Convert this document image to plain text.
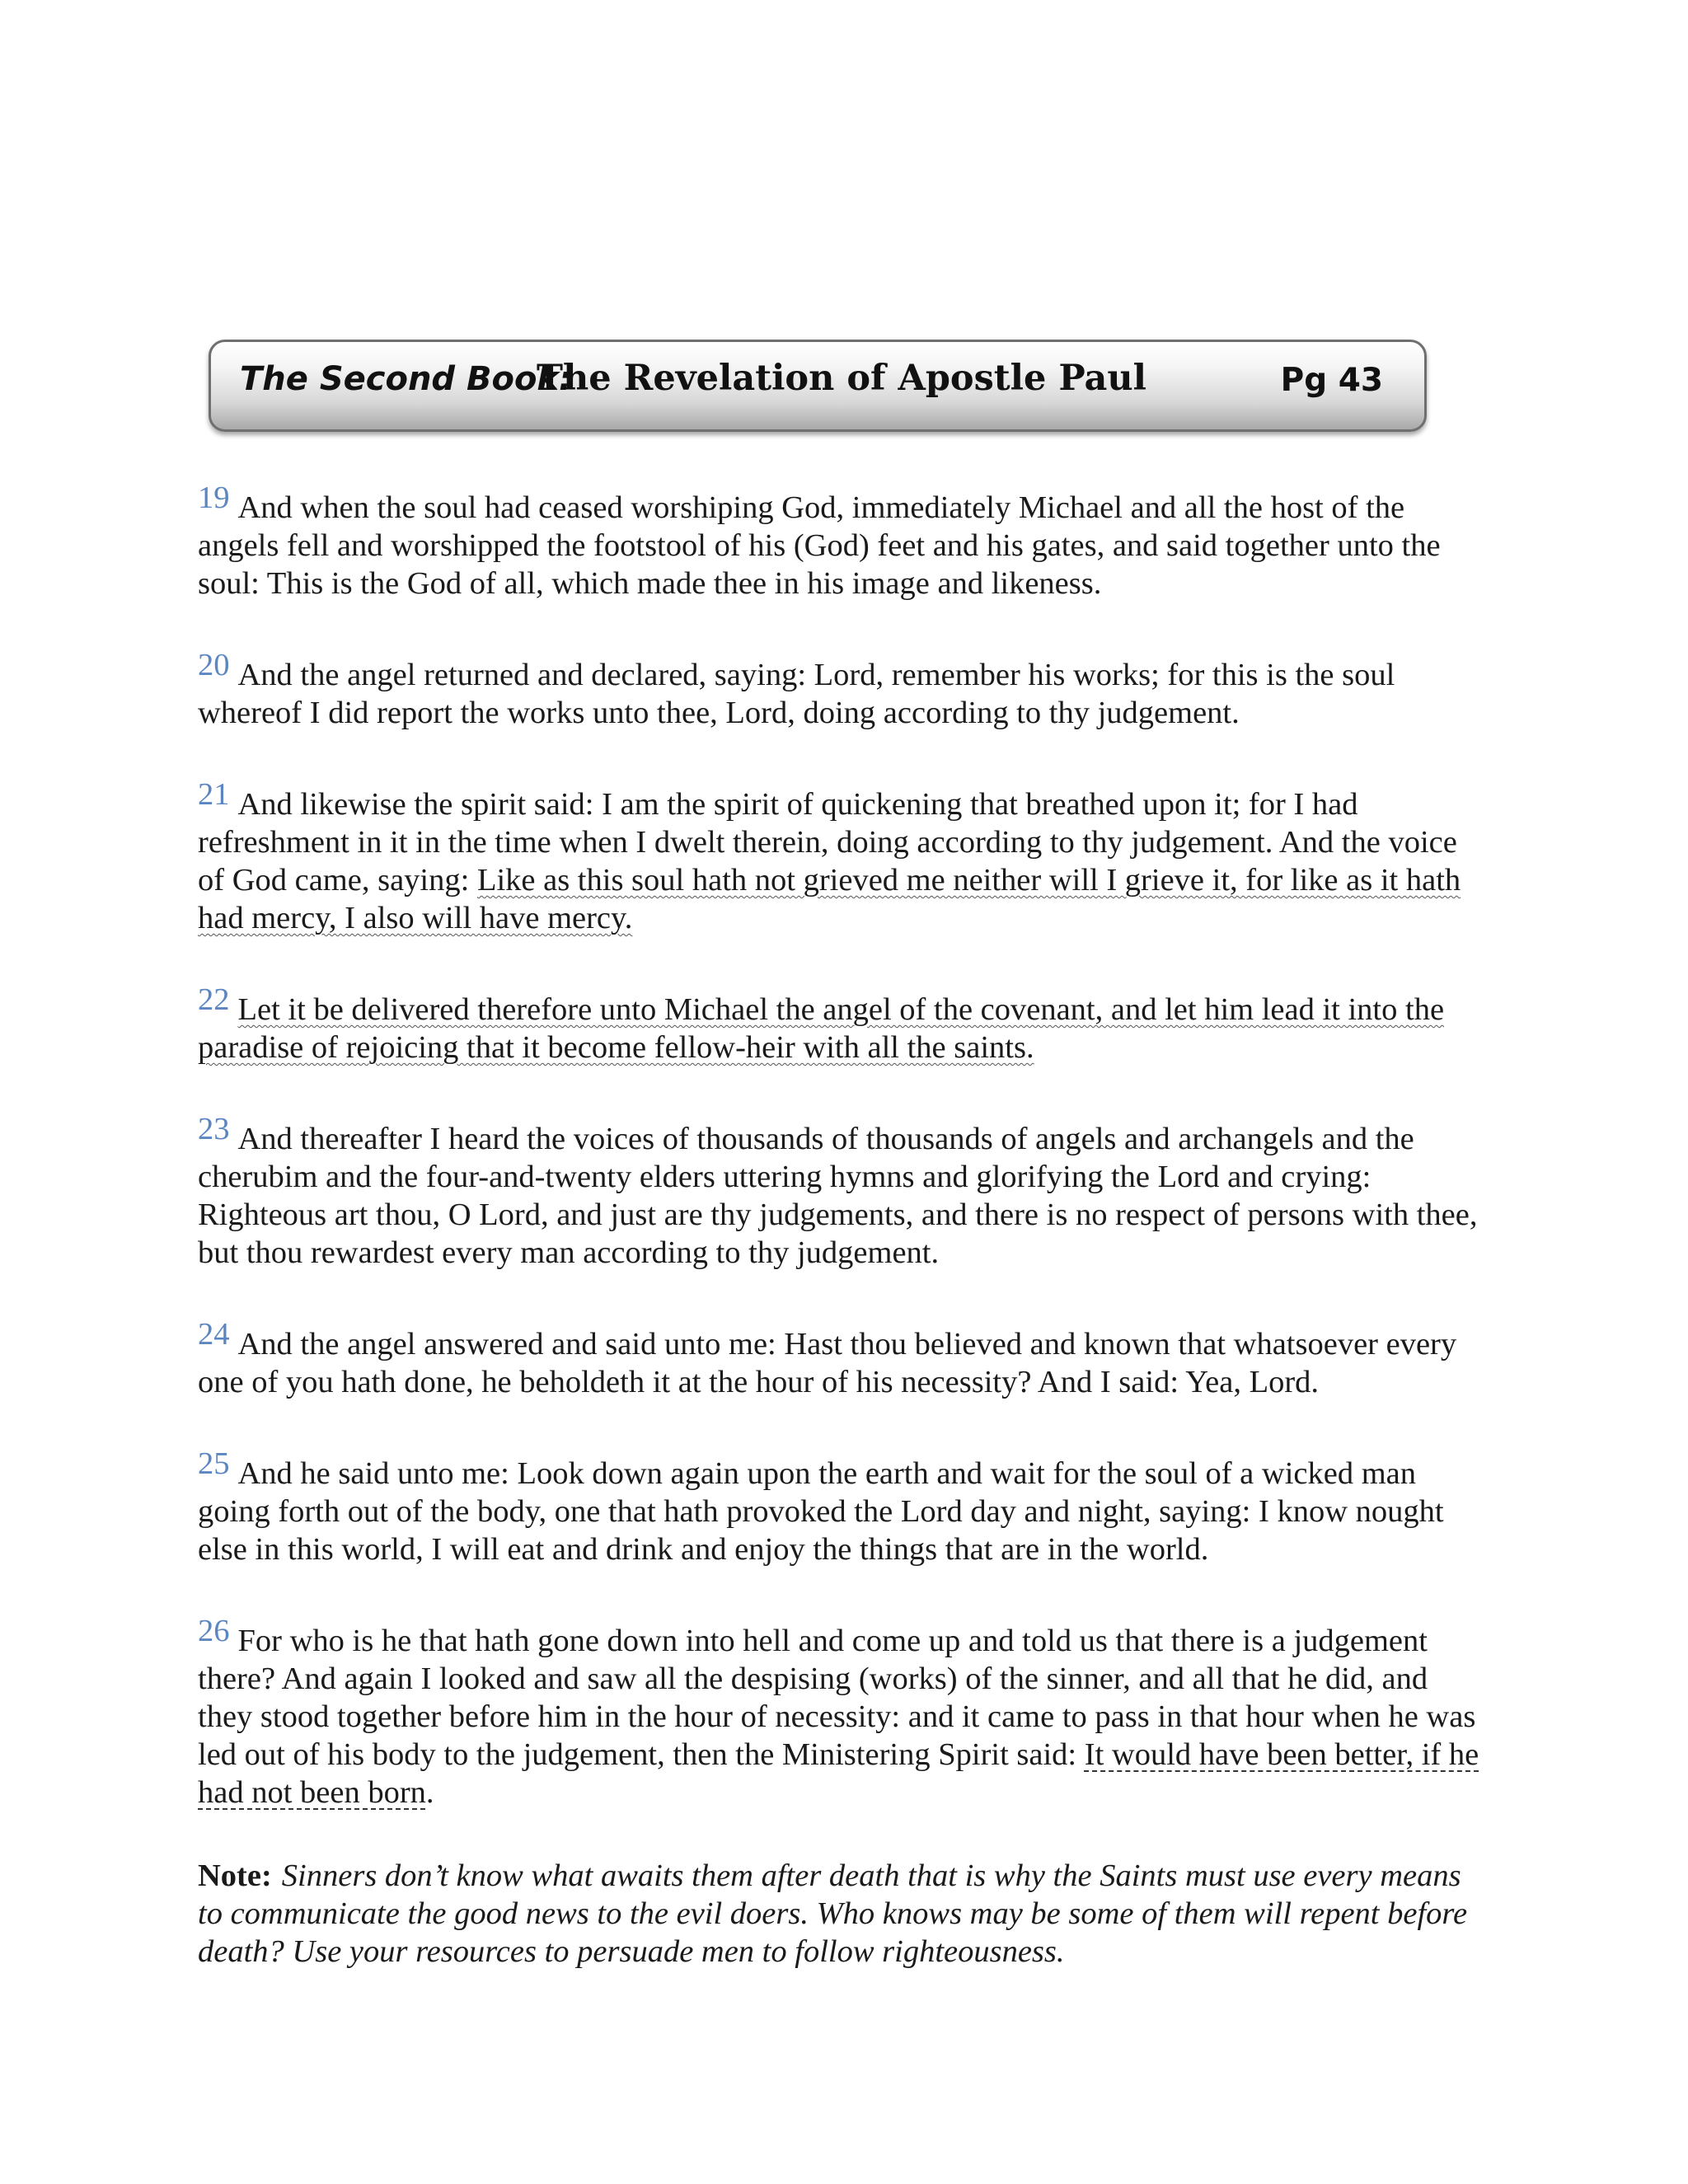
The Second Book:
The Revelation of Apostle Paul	Pg 43

19 And when the soul had ceased worshiping God, immediately Michael and all the host of the angels fell and worshipped the footstool of his (God) feet and his gates, and said together unto the soul: This is the God of all, which made thee in his image and likeness.

20 And the angel returned and declared, saying: Lord, remember his works; for this is the soul whereof I did report the works unto thee, Lord, doing according to thy judgement.

21 And likewise the spirit said: I am the spirit of quickening that breathed upon it; for I had refreshment in it in the time when I dwelt therein, doing according to thy judgement. And the voice of God came, saying: Like as this soul hath not grieved me neither will I grieve it, for like as it hath had mercy, I also will have mercy.

22 Let it be delivered therefore unto Michael the angel of the covenant, and let him lead it into the paradise of rejoicing that it become fellow-heir with all the saints.

23 And thereafter I heard the voices of thousands of thousands of angels and archangels and the cherubim and the four-and-twenty elders uttering hymns and glorifying the Lord and crying: Righteous art thou, O Lord, and just are thy judgements, and there is no respect of persons with thee, but thou rewardest every man according to thy judgement.

24 And the angel answered and said unto me: Hast thou believed and known that whatsoever every one of you hath done, he beholdeth it at the hour of his necessity? And I said: Yea, Lord.

25 And he said unto me: Look down again upon the earth and wait for the soul of a wicked man going forth out of the body, one that hath provoked the Lord day and night, saying: I know nought else in this world, I will eat and drink and enjoy the things that are in the world.

26 For who is he that hath gone down into hell and come up and told us that there is a judgement there? And again I looked and saw all the despising (works) of the sinner, and all that he did, and they stood together before him in the hour of necessity: and it came to pass in that hour when he was led out of his body to the judgement, then the Ministering Spirit said: It would have been better, if he had not been born.

Note: Sinners don’t know what awaits them after death that is why the Saints must use every means to communicate the good news to the evil doers. Who knows may be some of them will repent before death? Use your resources to persuade men to follow righteousness.
